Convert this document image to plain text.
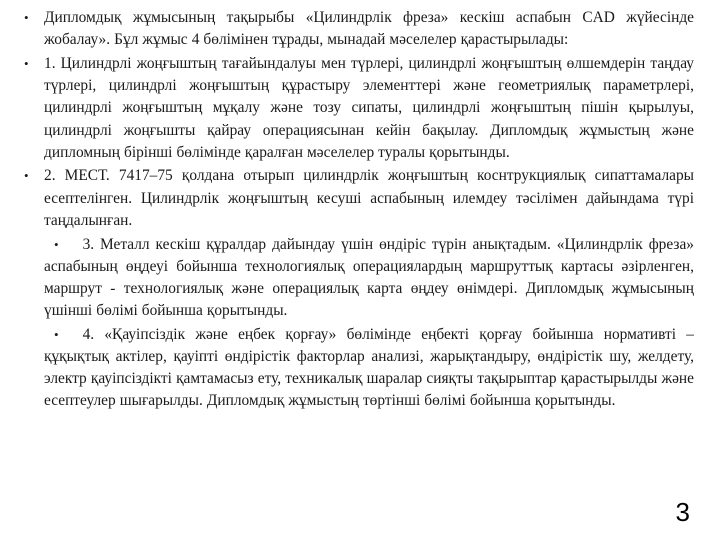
• Дипломдық жұмысының тақырыбы «Цилиндрлік фреза» кескіш аспабын CAD жүйесінде жобалау». Бұл жұмыс 4 бөлімінен тұрады, мынадай мәселелер қарастырылады:

• 1. Цилиндрлі жоңғыштың тағайындалуы мен түрлері, цилиндрлі жоңғыштың өлшемдерін таңдау түрлері, цилиндрлі жоңғыштың құрастыру элементтері және геометриялық параметрлері, цилиндрлі жоңғыштың мұқалу және тозу сипаты, цилиндрлі жоңғыштың пішін қырылуы, цилиндрлі жоңғышты қайрау операциясынан кейін бақылау. Дипломдық жұмыстың және дипломның бірінші бөлімінде қаралған мәселелер туралы қорытынды.

• 2. МЕСТ. 7417–75 қолдана отырып цилиндрлік жоңғыштың коснтрукциялық сипаттамалары есептелінген. Цилиндрлік жоңғыштың кесуші аспабының илемдеу тәсілімен дайындама түрі таңдалынған.

• 3. Металл кескіш құралдар дайындау үшін өндіріс түрін анықтадым. «Цилиндрлік фреза» аспабының өңдеуі бойынша технологиялық операциялардың маршруттық картасы әзірленген, маршрут - технологиялық және операциялық карта өңдеу өнімдері. Дипломдық жұмысының үшінші бөлімі бойынша қорытынды.

• 4. «Қауіпсіздік және еңбек қорғау» бөлімінде еңбекті қорғау бойынша нормативті – құқықтық актілер, қауіпті өндірістік факторлар анализі, жарықтандыру, өндірістік шу, желдету, электр қауіпсіздікті қамтамасыз ету, техникалық шаралар сияқты тақырыптар қарастырылды және есептеулер шығарылды. Дипломдық жұмыстың төртінші бөлімі бойынша қорытынды.

3
